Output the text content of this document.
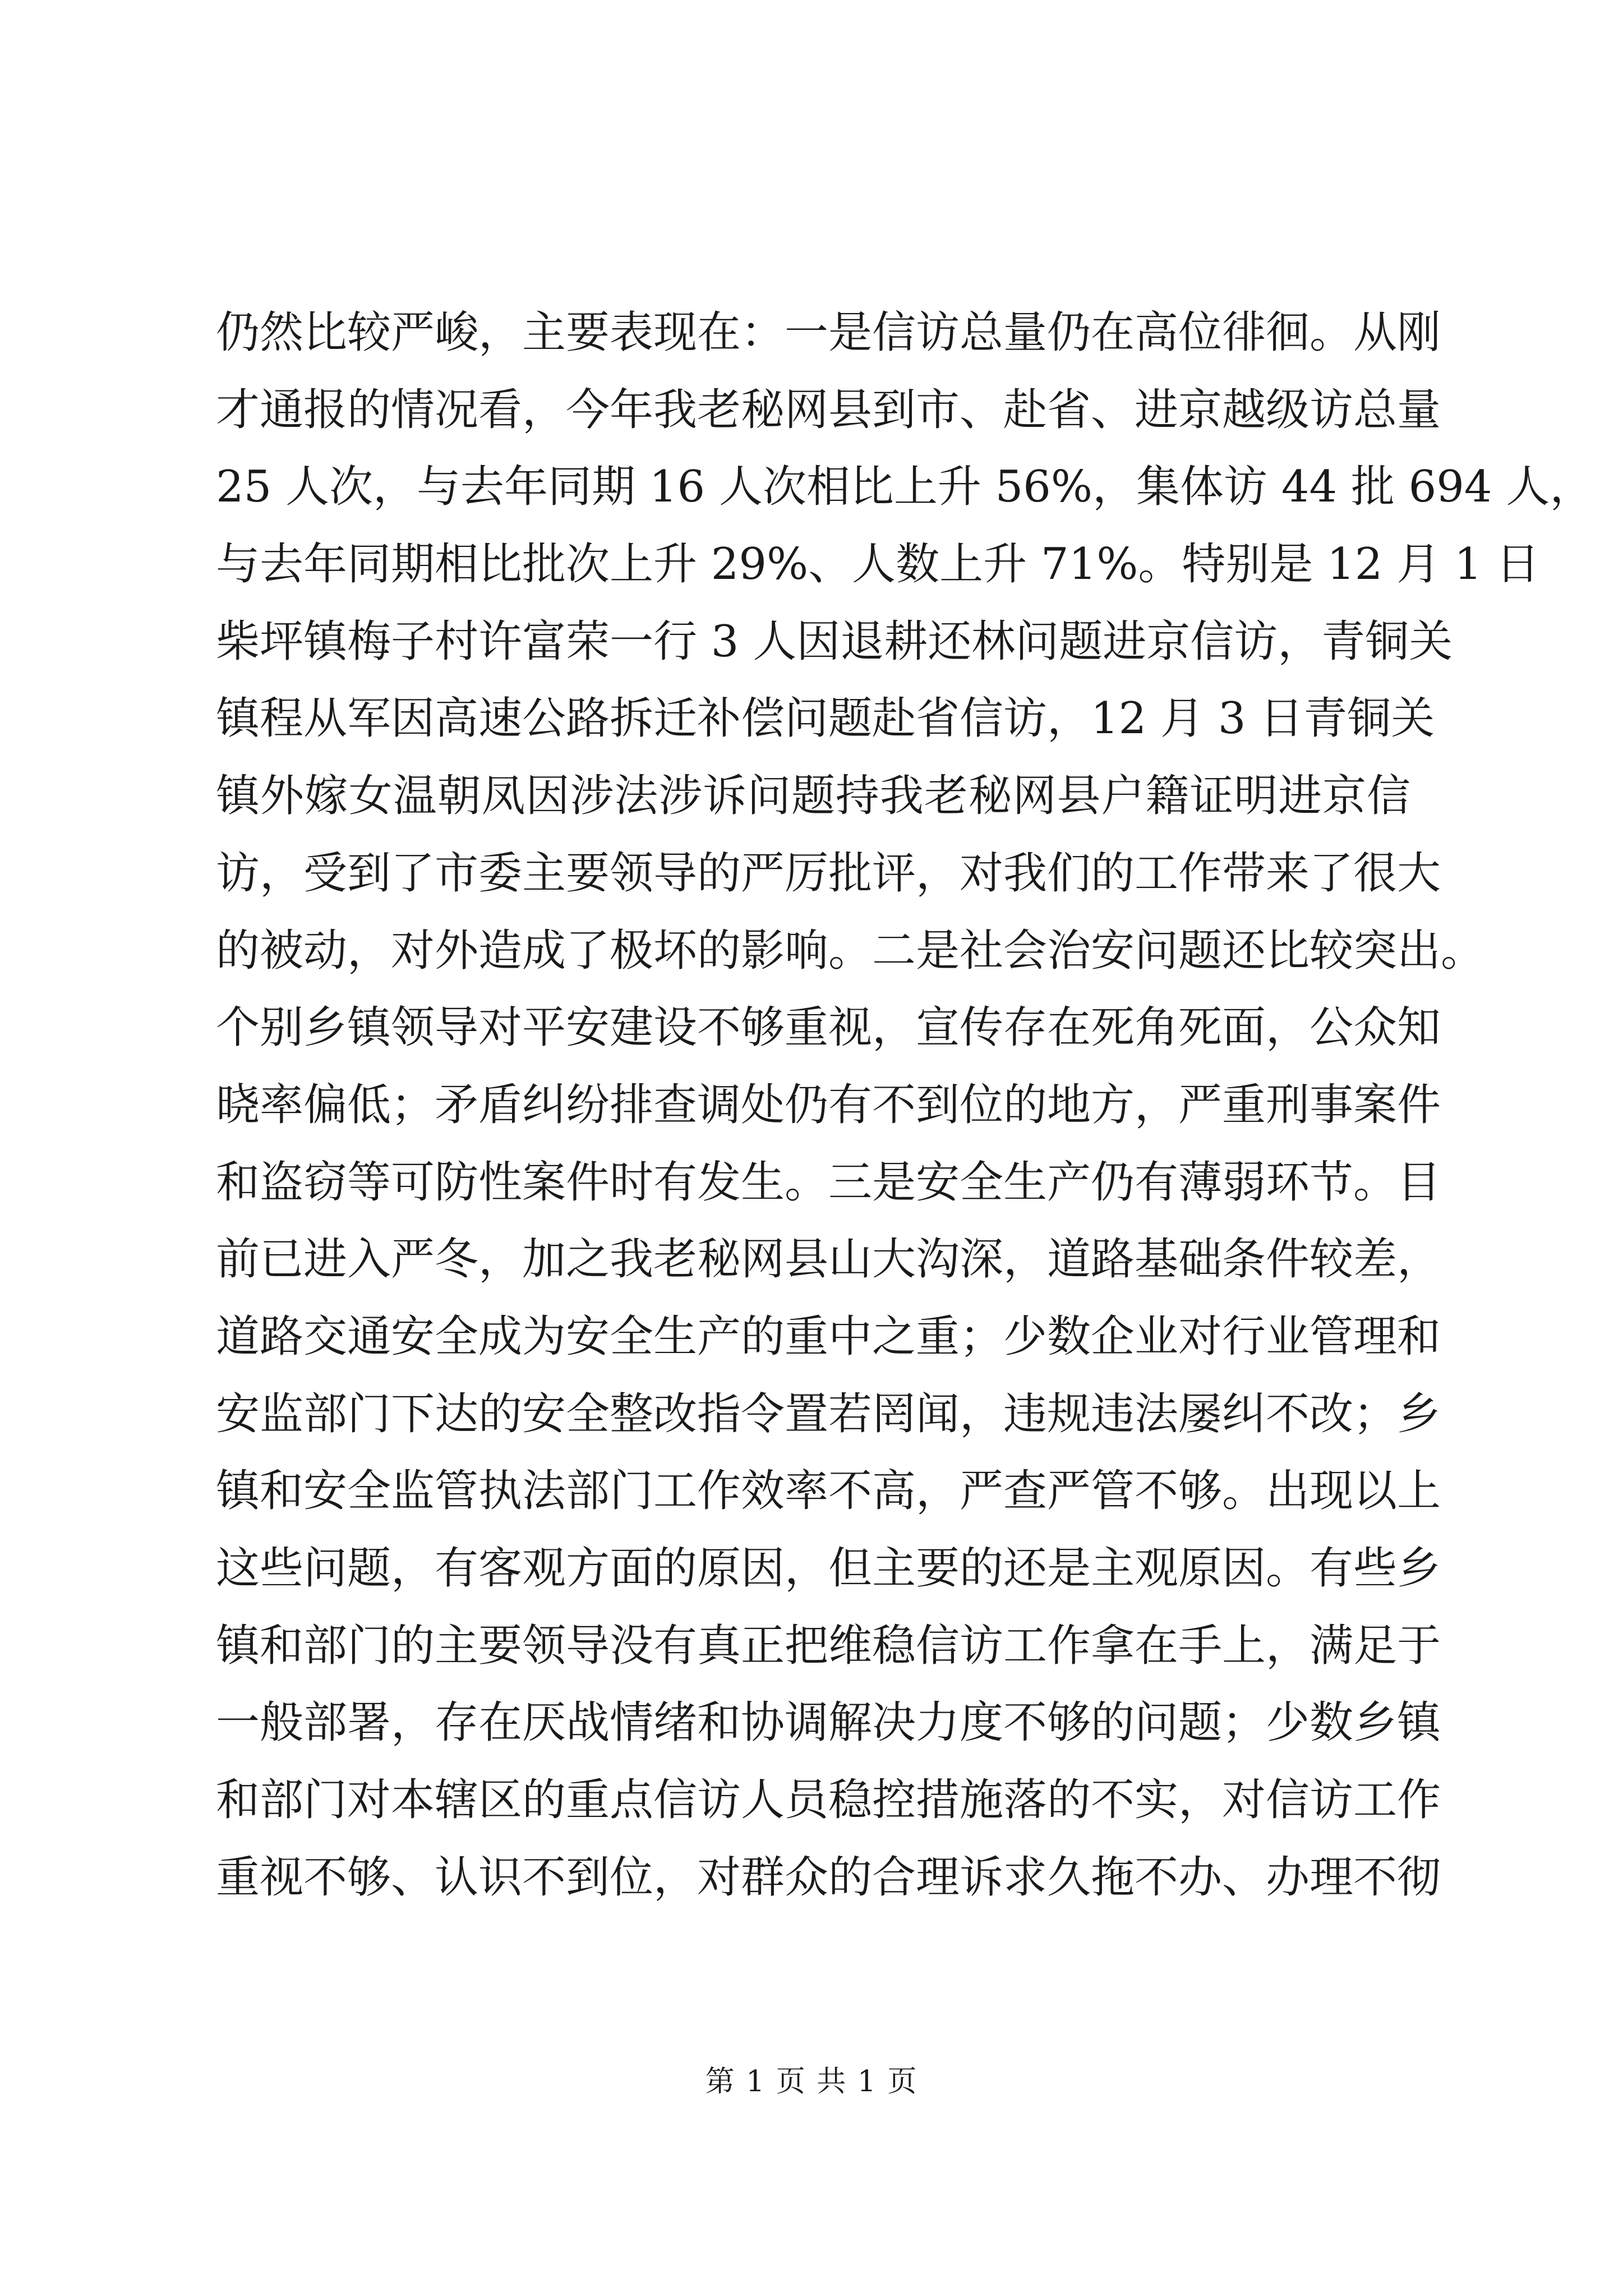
仍然比较严峻，主要表现在：一是信访总量仍在高位徘徊。从刚
才通报的情况看，今年我老秘网县到市、赴省、进京越级访总量
25 人次，与去年同期 16 人次相比上升 56%，集体访 44 批 694 人，
与去年同期相比批次上升 29%、人数上升 71%。特别是 12 月 1 日
柴坪镇梅子村许富荣一行 3 人因退耕还林问题进京信访，青铜关
镇程从军因高速公路拆迁补偿问题赴省信访，12 月 3 日青铜关
镇外嫁女温朝凤因涉法涉诉问题持我老秘网县户籍证明进京信
访，受到了市委主要领导的严厉批评，对我们的工作带来了很大
的被动，对外造成了极坏的影响。二是社会治安问题还比较突出。
个别乡镇领导对平安建设不够重视，宣传存在死角死面，公众知
晓率偏低；矛盾纠纷排查调处仍有不到位的地方，严重刑事案件
和盗窃等可防性案件时有发生。三是安全生产仍有薄弱环节。目
前已进入严冬，加之我老秘网县山大沟深，道路基础条件较差，
道路交通安全成为安全生产的重中之重；少数企业对行业管理和
安监部门下达的安全整改指令置若罔闻，违规违法屡纠不改；乡
镇和安全监管执法部门工作效率不高，严查严管不够。出现以上
这些问题，有客观方面的原因，但主要的还是主观原因。有些乡
镇和部门的主要领导没有真正把维稳信访工作拿在手上，满足于
一般部署，存在厌战情绪和协调解决力度不够的问题；少数乡镇
和部门对本辖区的重点信访人员稳控措施落的不实，对信访工作
重视不够、认识不到位，对群众的合理诉求久拖不办、办理不彻
第 1 页 共 1 页
